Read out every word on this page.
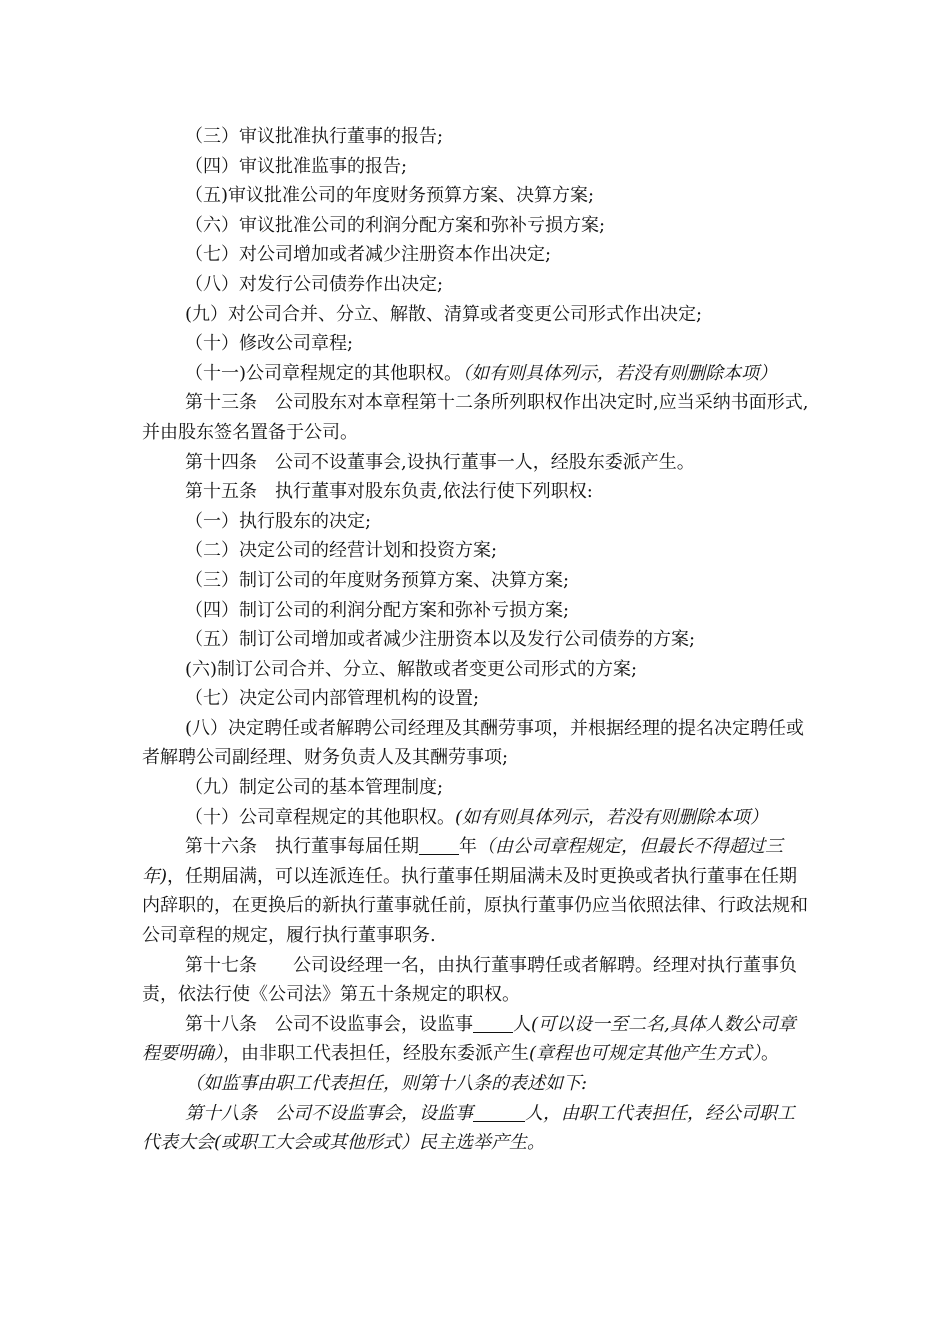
（三）审议批准执行董事的报告;

（四）审议批准监事的报告;

（五)审议批准公司的年度财务预算方案、决算方案;

（六）审议批准公司的利润分配方案和弥补亏损方案;

（七）对公司增加或者减少注册资本作出决定;

（八）对发行公司债券作出决定;

(九）对公司合并、分立、解散、清算或者变更公司形式作出决定;

（十）修改公司章程;

（十一)公司章程规定的其他职权。（如有则具体列示，若没有则删除本项）

第十三条　公司股东对本章程第十二条所列职权作出决定时,应当采纳书面形式,并由股东签名置备于公司。

第十四条　公司不设董事会,设执行董事一人，经股东委派产生。

第十五条　执行董事对股东负责,依法行使下列职权:

（一）执行股东的决定;

（二）决定公司的经营计划和投资方案;

（三）制订公司的年度财务预算方案、决算方案;

（四）制订公司的利润分配方案和弥补亏损方案;

（五）制订公司增加或者减少注册资本以及发行公司债券的方案;

(六)制订公司合并、分立、解散或者变更公司形式的方案;

（七）决定公司内部管理机构的设置;

(八）决定聘任或者解聘公司经理及其酬劳事项，并根据经理的提名决定聘任或者解聘公司副经理、财务负责人及其酬劳事项;

（九）制定公司的基本管理制度;

（十）公司章程规定的其他职权。(如有则具体列示，若没有则删除本项）

第十六条　执行董事每届任期 年（由公司章程规定，但最长不得超过三年)，任期届满，可以连派连任。执行董事任期届满未及时更换或者执行董事在任期内辞职的，在更换后的新执行董事就任前，原执行董事仍应当依照法律、行政法规和公司章程的规定，履行执行董事职务.

第十七条　　公司设经理一名，由执行董事聘任或者解聘。经理对执行董事负责，依法行使《公司法》第五十条规定的职权。

第十八条　公司不设监事会，设监事 人(可以设一至二名,具体人数公司章程要明确），由非职工代表担任，经股东委派产生(章程也可规定其他产生方式）。

（如监事由职工代表担任，则第十八条的表述如下:

第十八条　公司不设监事会，设监事	人，由职工代表担任，经公司职工代表大会(或职工大会或其他形式）民主选举产生。
